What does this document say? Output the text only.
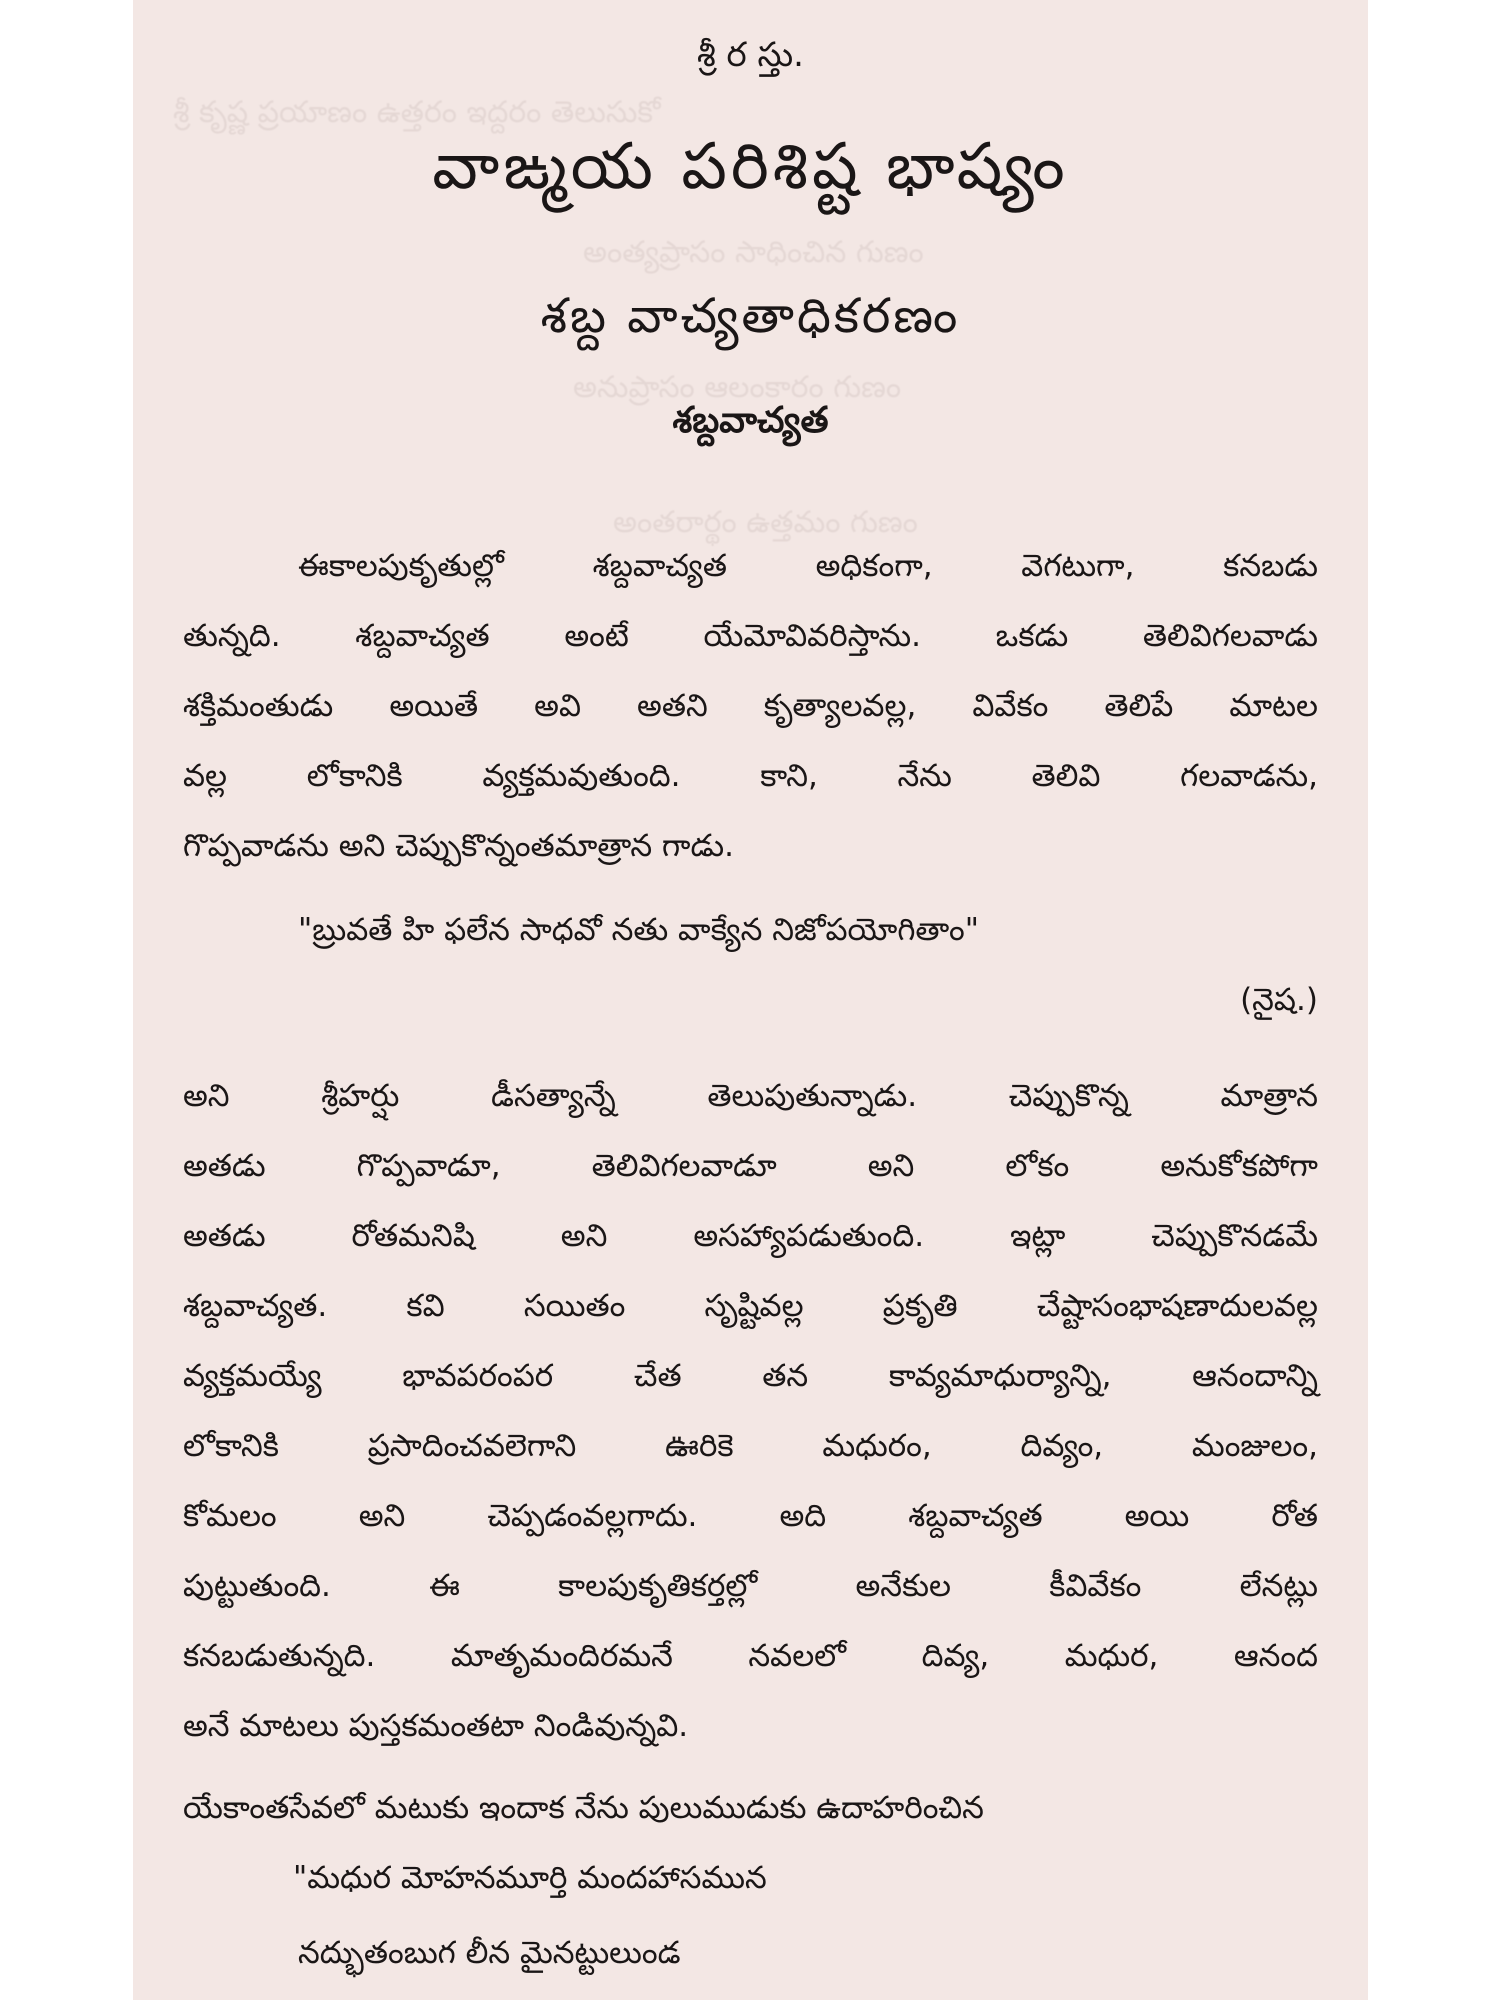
శ్రీ కృష్ణ ప్రయాణం ఉత్తరం ఇద్దరం తెలుసుకో
అంత్యప్రాసం సాధించిన గుణం
అనుప్రాసం ఆలంకారం గుణం
అంతరార్థం ఉత్తమం గుణం
శ్రీ ర స్తు.
వాఙ్మయ పరిశిష్ట భాష్యం
శబ్ద వాచ్యతాధికరణం
శబ్దవాచ్యత
ఈకాలపుకృతుల్లో శబ్దవాచ్యత అధికంగా, వెగటుగా, కనబడు
తున్నది. శబ్దవాచ్యత అంటే యేమోవివరిస్తాను. ఒకడు తెలివిగలవాడు
శక్తిమంతుడు అయితే అవి అతని కృత్యాలవల్ల, వివేకం తెలిపే మాటల
వల్ల లోకానికి వ్యక్తమవుతుంది. కాని, నేను తెలివి గలవాడను,
గొప్పవాడను అని చెప్పుకొన్నంతమాత్రాన గాడు.
"బ్రువతే హి ఫలేన సాధవో నతు వాక్యేన నిజోపయోగితాం"
(నైష.)
అని శ్రీహర్షు డీసత్యాన్నే తెలుపుతున్నాడు. చెప్పుకొన్న మాత్రాన
అతడు గొప్పవాడూ, తెలివిగలవాడూ అని లోకం అనుకోకపోగా
అతడు రోతమనిషి అని అసహ్యాపడుతుంది. ఇట్లా చెప్పుకొనడమే
శబ్దవాచ్యత. కవి సయితం సృష్టివల్ల ప్రకృతి చేష్టాసంభాషణాదులవల్ల
వ్యక్తమయ్యే భావపరంపర చేత తన కావ్యమాధుర్యాన్ని, ఆనందాన్ని
లోకానికి ప్రసాదించవలెగాని ఊరికె మధురం, దివ్యం, మంజులం,
కోమలం అని చెప్పడంవల్లగాదు. అది శబ్దవాచ్యత అయి రోత
పుట్టుతుంది. ఈ కాలపుకృతికర్తల్లో అనేకుల కీవివేకం లేనట్లు
కనబడుతున్నది. మాతృమందిరమనే నవలలో దివ్య, మధుర, ఆనంద
అనే మాటలు పుస్తకమంతటా నిండివున్నవి.
యేకాంతసేవలో మటుకు ఇందాక నేను పులుముడుకు ఉదాహరించిన
"మధుర మోహనమూర్తి మందహాసమున
నద్భుతంబుగ లీన మైనట్టులుండ
